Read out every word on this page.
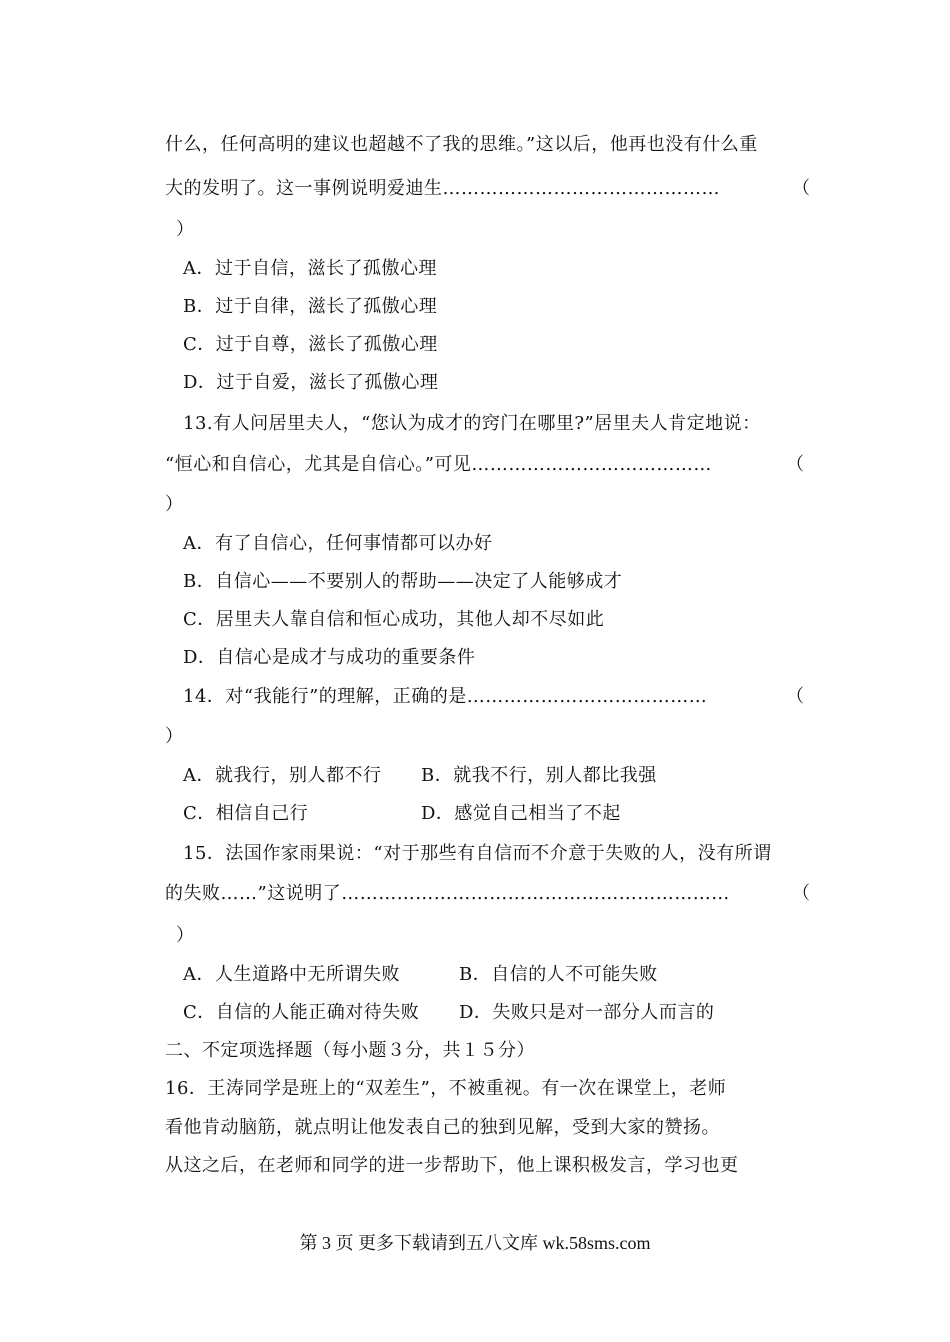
什么，任何高明的建议也超越不了我的思维。”这以后，他再也没有什么重
大的发明了。这一事例说明爱迪生………………………………………	（
）
A．过于自信，滋长了孤傲心理
B．过于自律，滋长了孤傲心理
C．过于自尊，滋长了孤傲心理
D．过于自爱，滋长了孤傲心理
13.有人问居里夫人，“您认为成才的窍门在哪里?”居里夫人肯定地说：
“恒心和自信心，尤其是自信心。”可见…………………………………	（
）
A．有了自信心，任何事情都可以办好
B．自信心——不要别人的帮助——决定了人能够成才
C．居里夫人靠自信和恒心成功，其他人却不尽如此
D．自信心是成才与成功的重要条件
14．对“我能行”的理解，正确的是…………………………………	（
）
A．就我行，别人都不行 B．就我不行，别人都比我强
C．相信自己行	D．感觉自己相当了不起
15．法国作家雨果说：“对于那些有自信而不介意于失败的人，没有所谓
的失败……”这说明了………………………………………………………	（
）
A．人生道路中无所谓失败	B．自信的人不可能失败
C．自信的人能正确对待失败 D．失败只是对一部分人而言的
二、不定项选择题（每小题３分，共１５分）
16．王涛同学是班上的“双差生”，不被重视。有一次在课堂上，老师
看他肯动脑筋，就点明让他发表自己的独到见解，受到大家的赞扬。
从这之后，在老师和同学的进一步帮助下，他上课积极发言，学习也更
第 3 页 更多下载请到五八文库 wk.58sms.com
